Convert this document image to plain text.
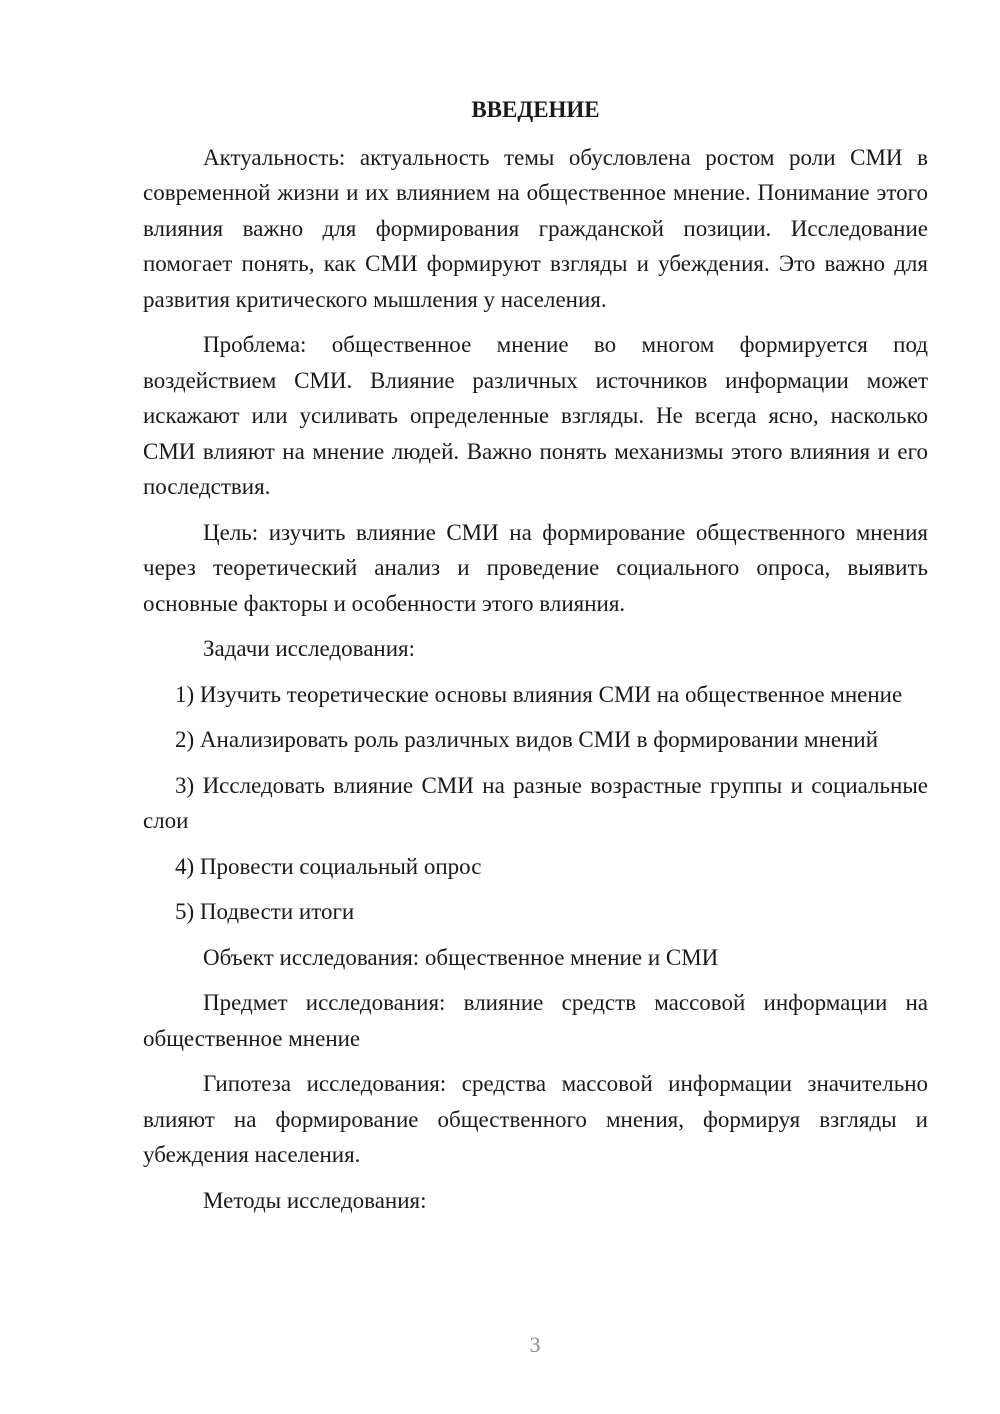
ВВЕДЕНИЕ

Актуальность: актуальность темы обусловлена ростом роли СМИ в современной жизни и их влиянием на общественное мнение. Понимание этого влияния важно для формирования гражданской позиции. Исследование помогает понять, как СМИ формируют взгляды и убеждения. Это важно для развития критического мышления у населения.

Проблема: общественное мнение во многом формируется под воздействием СМИ. Влияние различных источников информации может искажают или усиливать определенные взгляды. Не всегда ясно, насколько СМИ влияют на мнение людей. Важно понять механизмы этого влияния и его последствия.

Цель: изучить влияние СМИ на формирование общественного мнения через теоретический анализ и проведение социального опроса, выявить основные факторы и особенности этого влияния.

Задачи исследования:

1) Изучить теоретические основы влияния СМИ на общественное мнение

2) Анализировать роль различных видов СМИ в формировании мнений

3) Исследовать влияние СМИ на разные возрастные группы и социальные слои

4) Провести социальный опрос

5) Подвести итоги

Объект исследования: общественное мнение и СМИ

Предмет исследования: влияние средств массовой информации на общественное мнение

Гипотеза исследования: средства массовой информации значительно влияют на формирование общественного мнения, формируя взгляды и убеждения населения.

Методы исследования:

3
